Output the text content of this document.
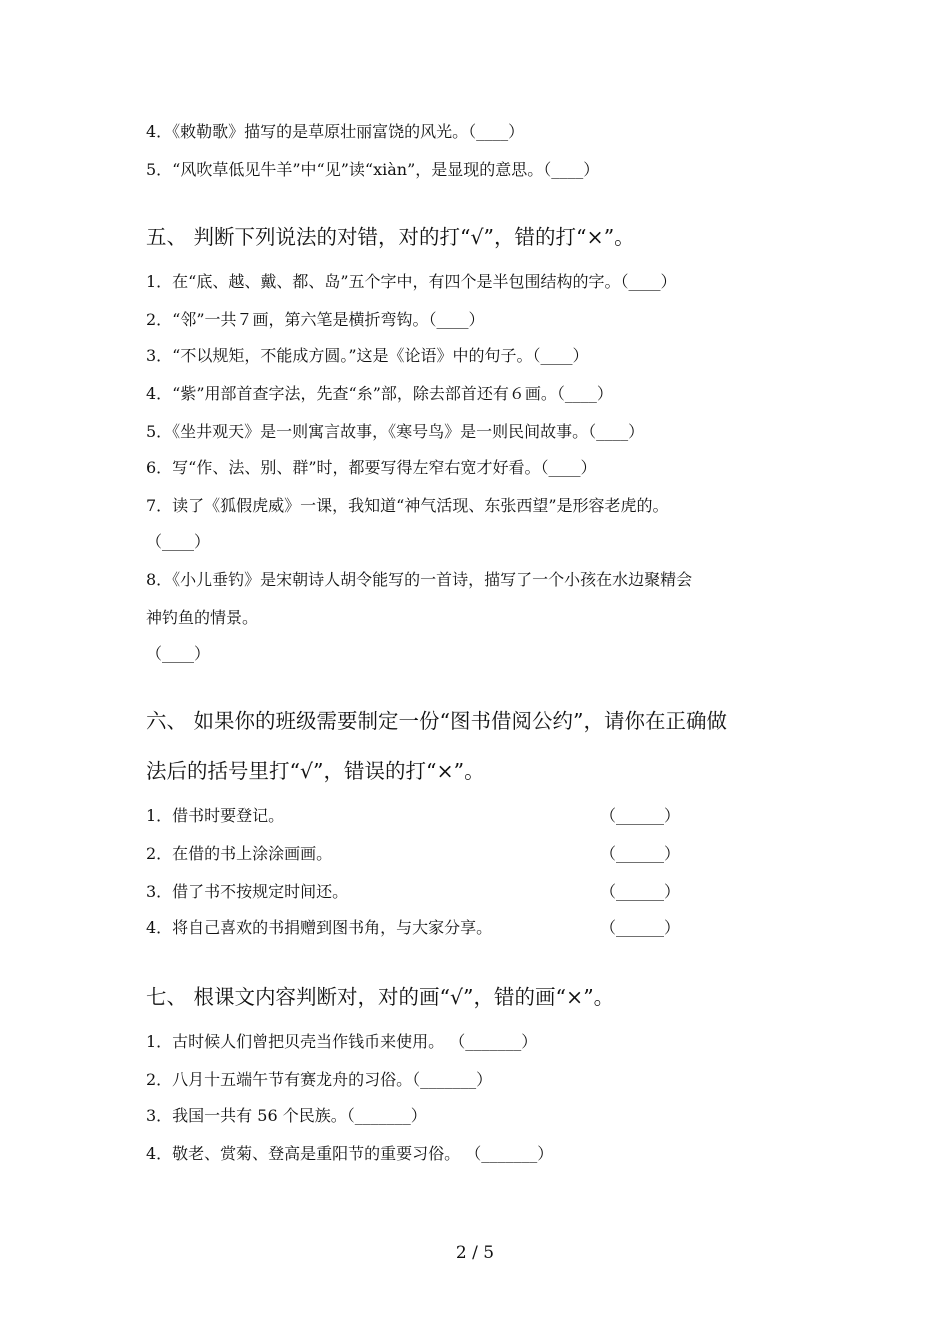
4．《敕勒歌》描写的是草原壮丽富饶的风光。（____）
5．“风吹草低见牛羊”中“见”读“xiàn”，是显现的意思。（____）
五、 判断下列说法的对错，对的打“√”，错的打“×”。
1．在“底、越、戴、都、岛”五个字中，有四个是半包围结构的字。（____）
2．“邻”一共７画，第六笔是横折弯钩。（____）
3．“不以规矩，不能成方圆。”这是《论语》中的句子。（____）
4．“紫”用部首查字法，先查“糸”部，除去部首还有６画。（____）
5．《坐井观天》是一则寓言故事，《寒号鸟》是一则民间故事。（____）
6．写“作、法、别、群”时，都要写得左窄右宽才好看。（____）
7．读了《狐假虎威》一课，我知道“神气活现、东张西望”是形容老虎的。
（____）
8．《小儿垂钓》是宋朝诗人胡令能写的一首诗，描写了一个小孩在水边聚精会
神钓鱼的情景。
（____）
六、 如果你的班级需要制定一份“图书借阅公约”，请你在正确做
法后的括号里打“√”，错误的打“×”。
1．借书时要登记。	（______）
2．在借的书上涂涂画画。	（______）
3．借了书不按规定时间还。	（______）
4．将自己喜欢的书捐赠到图书角，与大家分享。	（______）
七、 根课文内容判断对，对的画“√”，错的画“×”。
1．古时候人们曾把贝壳当作钱币来使用。 （_______）
2．八月十五端午节有赛龙舟的习俗。（_______）
3．我国一共有 56 个民族。（_______）
4．敬老、赏菊、登高是重阳节的重要习俗。 （_______）
2 / 5
